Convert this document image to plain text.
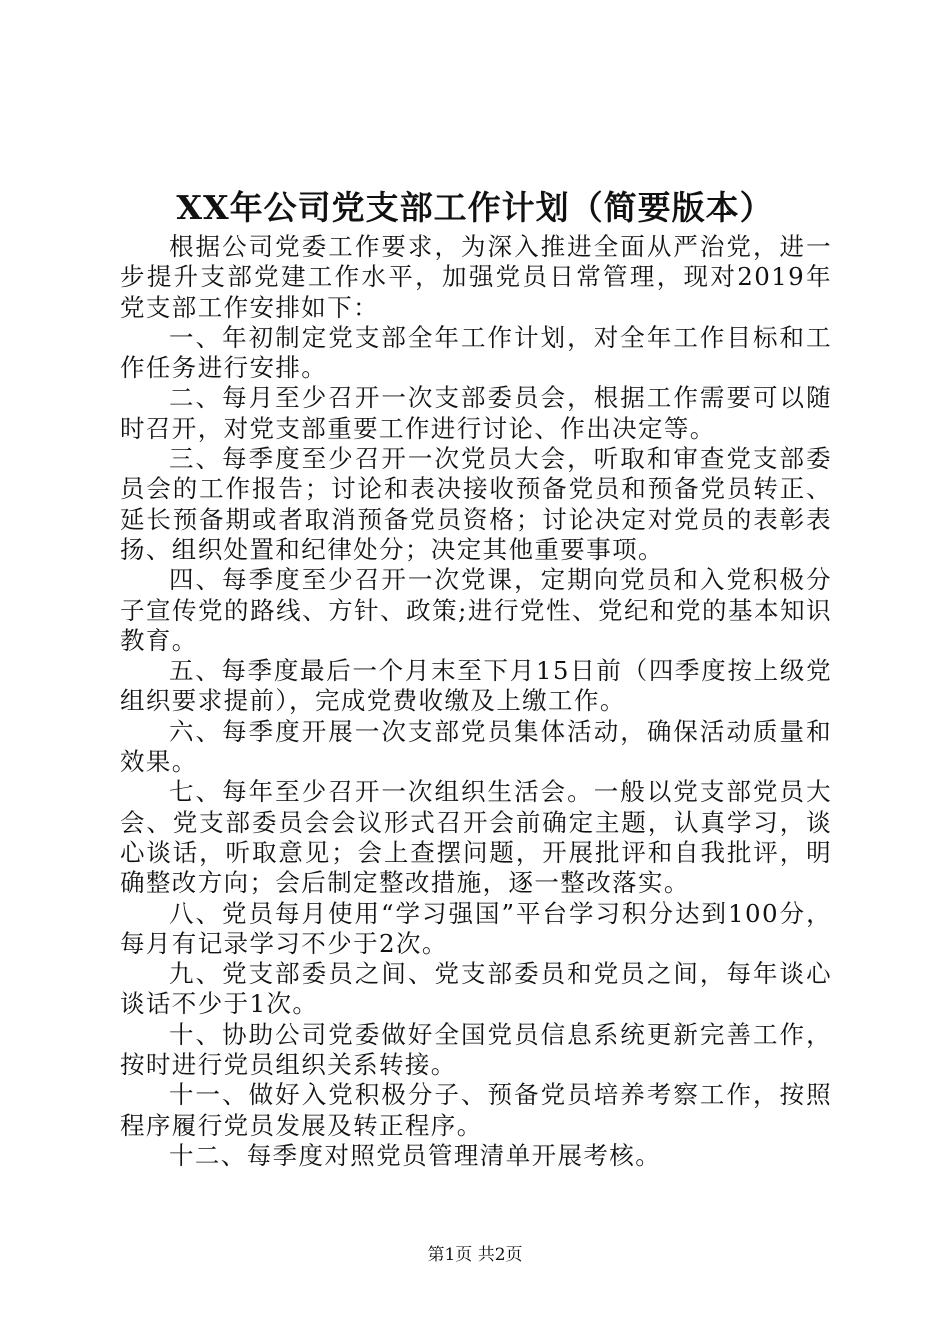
XX年公司党支部工作计划（简要版本）

根据公司党委工作要求，为深入推进全面从严治党，进一步提升支部党建工作水平，加强党员日常管理，现对2019年党支部工作安排如下：

一、年初制定党支部全年工作计划，对全年工作目标和工作任务进行安排。

二、每月至少召开一次支部委员会，根据工作需要可以随时召开，对党支部重要工作进行讨论、作出决定等。

三、每季度至少召开一次党员大会，听取和审查党支部委员会的工作报告；讨论和表决接收预备党员和预备党员转正、延长预备期或者取消预备党员资格；讨论决定对党员的表彰表扬、组织处置和纪律处分；决定其他重要事项。

四、每季度至少召开一次党课，定期向党员和入党积极分子宣传党的路线、方针、政策;进行党性、党纪和党的基本知识教育。

五、每季度最后一个月末至下月15日前（四季度按上级党组织要求提前），完成党费收缴及上缴工作。

六、每季度开展一次支部党员集体活动，确保活动质量和效果。

七、每年至少召开一次组织生活会。一般以党支部党员大会、党支部委员会会议形式召开会前确定主题，认真学习，谈心谈话，听取意见；会上查摆问题，开展批评和自我批评，明确整改方向；会后制定整改措施，逐一整改落实。

八、党员每月使用“学习强国”平台学习积分达到100分，每月有记录学习不少于2次。

九、党支部委员之间、党支部委员和党员之间，每年谈心谈话不少于1次。

十、协助公司党委做好全国党员信息系统更新完善工作，按时进行党员组织关系转接。

十一、做好入党积极分子、预备党员培养考察工作，按照程序履行党员发展及转正程序。

十二、每季度对照党员管理清单开展考核。

第1页 共2页
